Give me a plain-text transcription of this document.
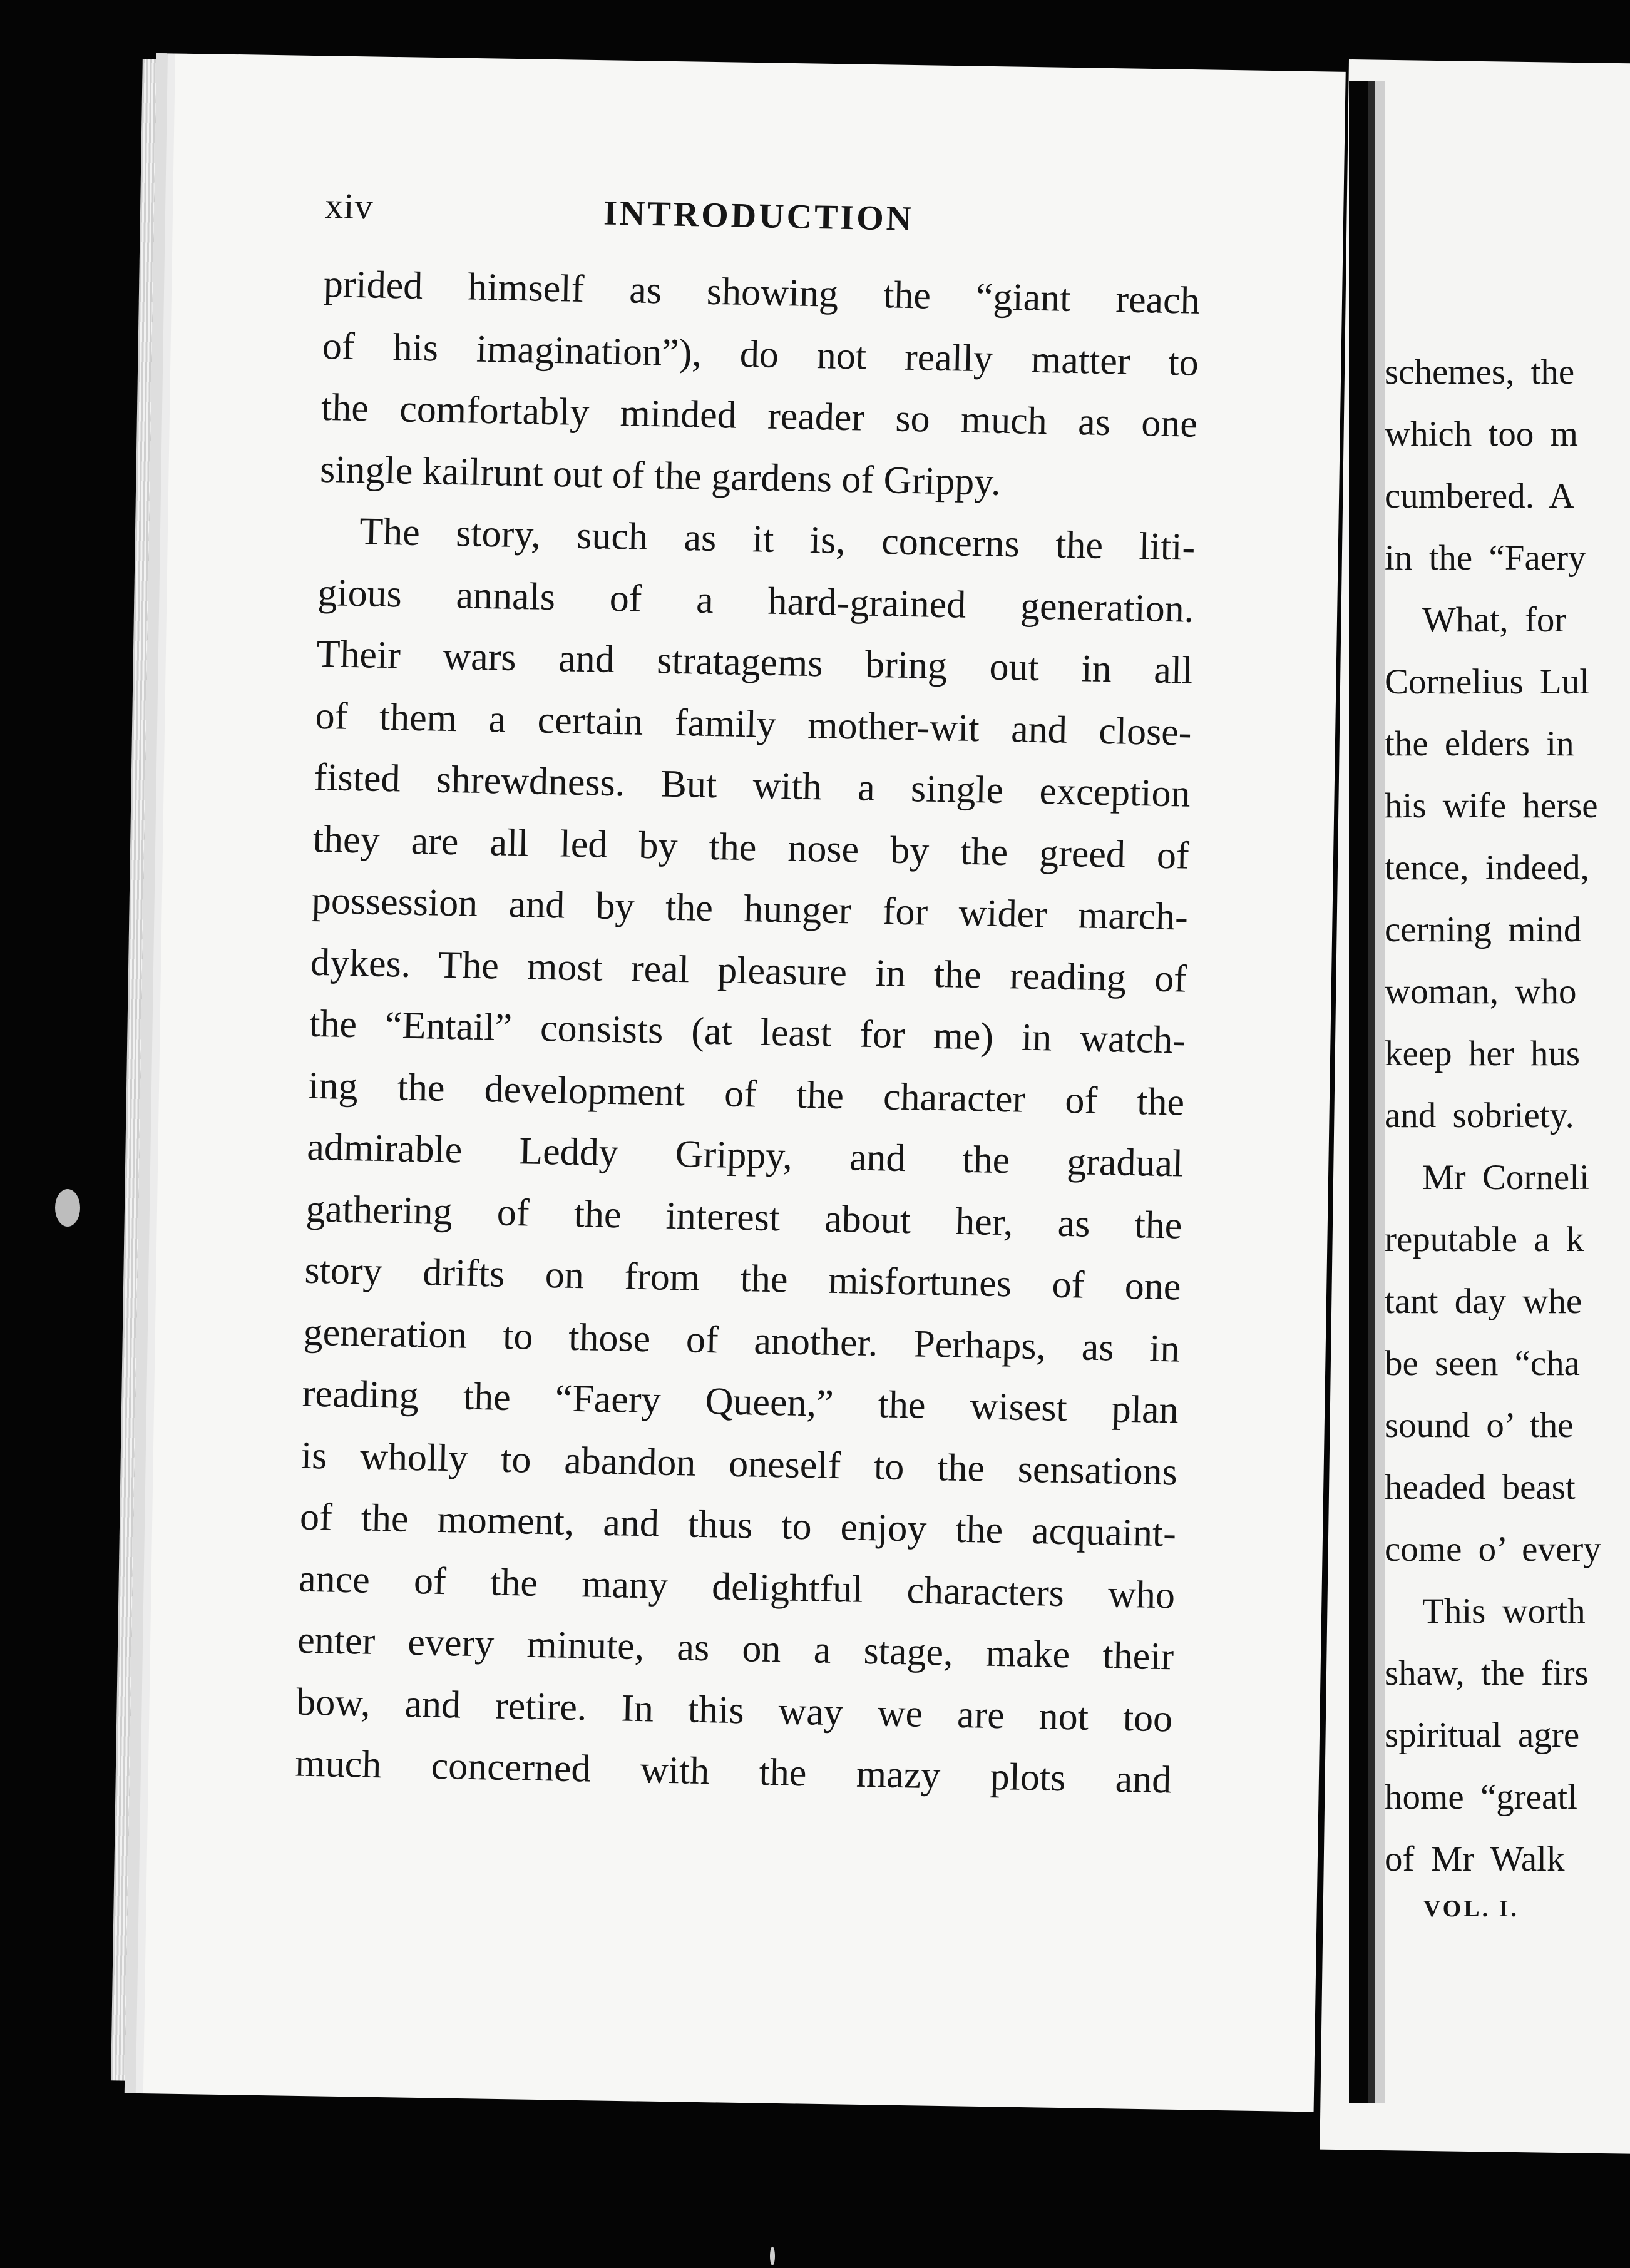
xiv	INTRODUCTION
prided himself as showing the “giant reach
of his imagination”), do not really matter to
the comfortably minded reader so much as one
single kailrunt out of the gardens of Grippy.
The story, such as it is, concerns the liti-
gious annals of a hard-grained generation.
Their wars and stratagems bring out in all
of them a certain family mother-wit and close-
fisted shrewdness. But with a single exception
they are all led by the nose by the greed of
possession and by the hunger for wider march-
dykes. The most real pleasure in the reading of
the “Entail” consists (at least for me) in watch-
ing the development of the character of the
admirable Leddy Grippy, and the gradual
gathering of the interest about her, as the
story drifts on from the misfortunes of one
generation to those of another. Perhaps, as in
reading the “Faery Queen,” the wisest plan
is wholly to abandon oneself to the sensations
of the moment, and thus to enjoy the acquaint-
ance of the many delightful characters who
enter every minute, as on a stage, make their
bow, and retire. In this way we are not too
much concerned with the mazy plots and
schemes, the
which too m
cumbered. A
in the “Faery
What, for
Cornelius Lul
the elders in
his wife herse
tence, indeed,
cerning mind
woman, who
keep her hus
and sobriety.
Mr Corneli
reputable a k
tant day whe
be seen “cha
sound o’ the
headed beast
come o’ every
This worth
shaw, the firs
spiritual agre
home “greatl
of Mr Walk
VOL. I.
